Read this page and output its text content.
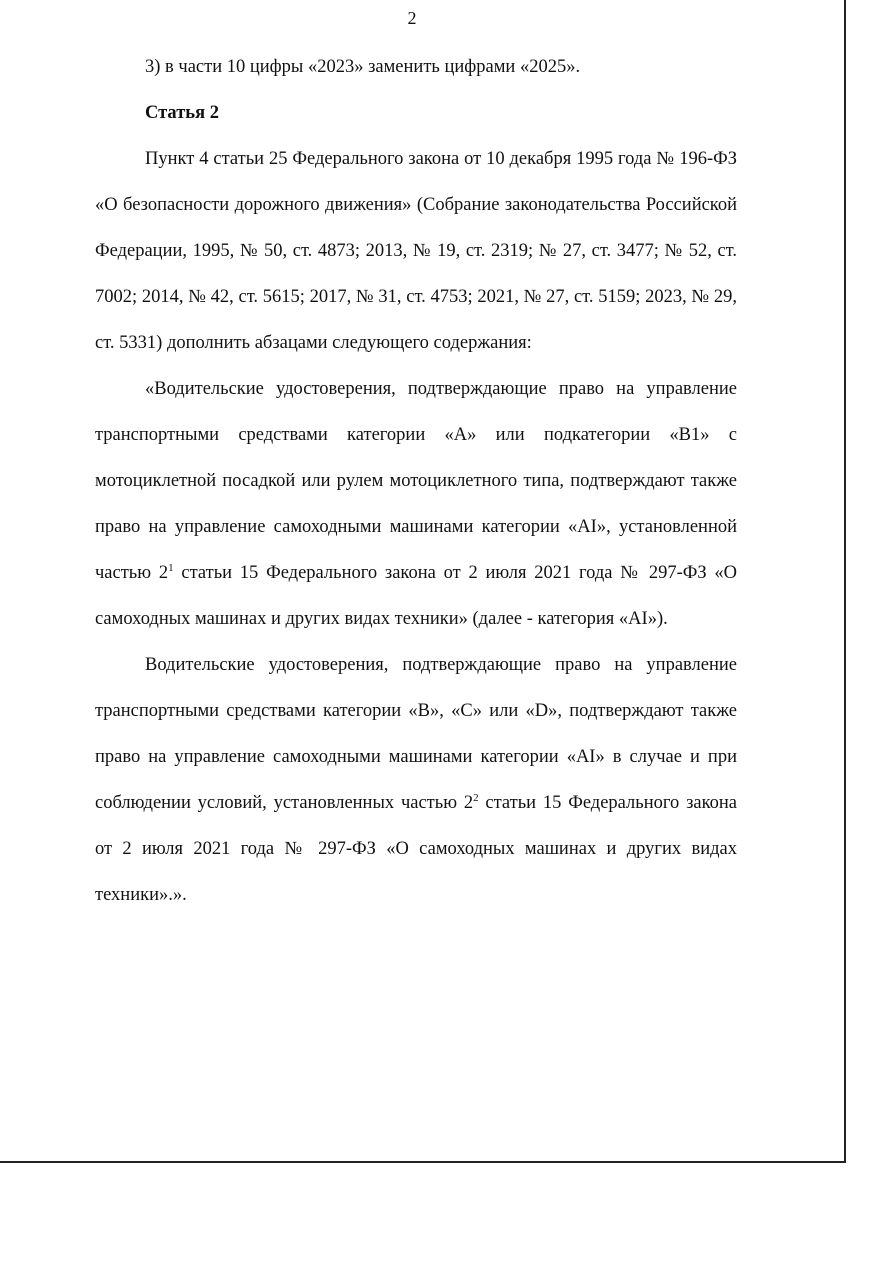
2

3) в части 10 цифры «2023» заменить цифрами «2025».

Статья 2

Пункт 4 статьи 25 Федерального закона от 10 декабря 1995 года № 196-ФЗ «О безопасности дорожного движения» (Собрание законодательства Российской Федерации, 1995, № 50, ст. 4873; 2013, № 19, ст. 2319; № 27, ст. 3477; № 52, ст. 7002; 2014, № 42, ст. 5615; 2017, № 31, ст. 4753; 2021, № 27, ст. 5159; 2023, № 29, ст. 5331) дополнить абзацами следующего содержания:

«Водительские удостоверения, подтверждающие право на управление транспортными средствами категории «А» или подкатегории «В1» с мотоциклетной посадкой или рулем мотоциклетного типа, подтверждают также право на управление самоходными машинами категории «AI», установленной частью $2^1$ статьи 15 Федерального закона от 2 июля 2021 года № 297-ФЗ «О самоходных машинах и других видах техники» (далее - категория «AI»).

Водительские удостоверения, подтверждающие право на управление транспортными средствами категории «В», «С» или «D», подтверждают также право на управление самоходными машинами категории «AI» в случае и при соблюдении условий, установленных частью $2^2$ статьи 15 Федерального закона от 2 июля 2021 года № 297-ФЗ «О самоходных машинах и других видах техники».».
